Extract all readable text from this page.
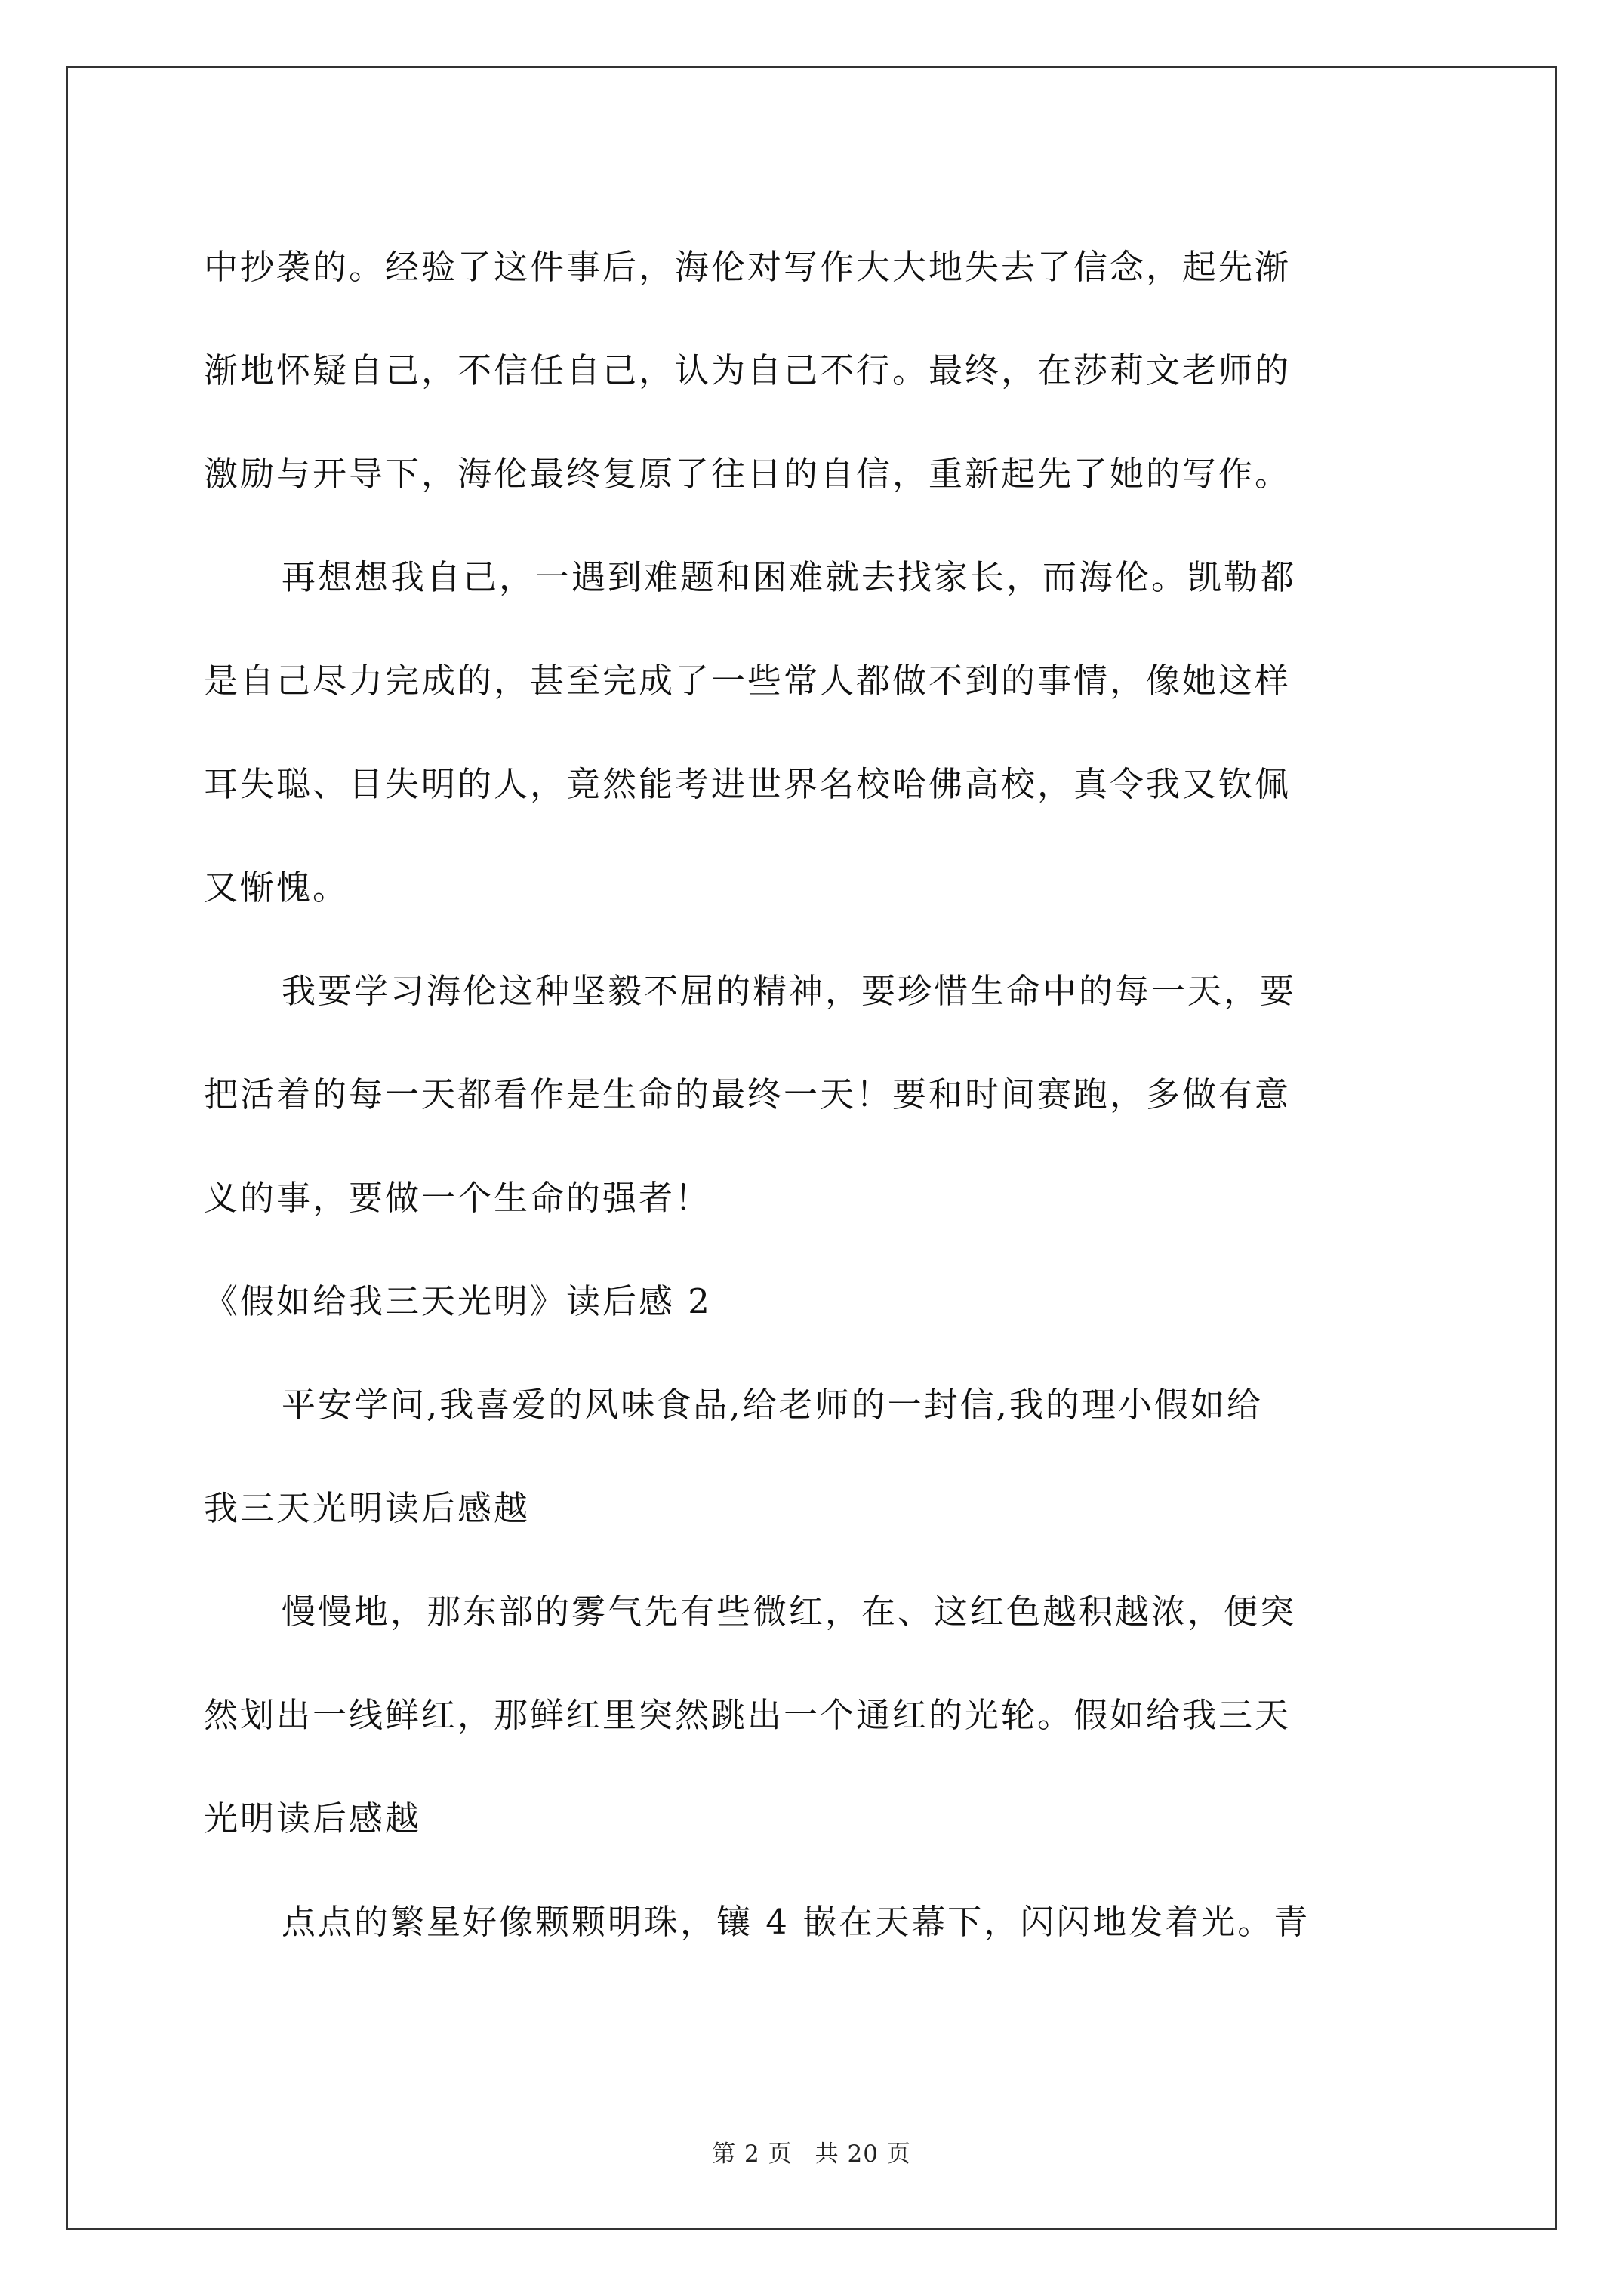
中抄袭的。经验了这件事后，海伦对写作大大地失去了信念，起先渐
渐地怀疑自己，不信任自己，认为自己不行。最终，在莎莉文老师的
激励与开导下，海伦最终复原了往日的自信，重新起先了她的写作。

再想想我自己，一遇到难题和困难就去找家长，而海伦。凯勒都
是自己尽力完成的，甚至完成了一些常人都做不到的事情，像她这样
耳失聪、目失明的人，竟然能考进世界名校哈佛高校，真令我又钦佩
又惭愧。

我要学习海伦这种坚毅不屈的精神，要珍惜生命中的每一天，要
把活着的每一天都看作是生命的最终一天！要和时间赛跑，多做有意
义的事，要做一个生命的强者！

《假如给我三天光明》读后感 2

平安学问,我喜爱的风味食品,给老师的一封信,我的理小假如给
我三天光明读后感越

慢慢地，那东部的雾气先有些微红，在、这红色越积越浓，便突
然划出一线鲜红，那鲜红里突然跳出一个通红的光轮。假如给我三天
光明读后感越

点点的繁星好像颗颗明珠，镶 4 嵌在天幕下，闪闪地发着光。青

第 2 页 共 20 页
